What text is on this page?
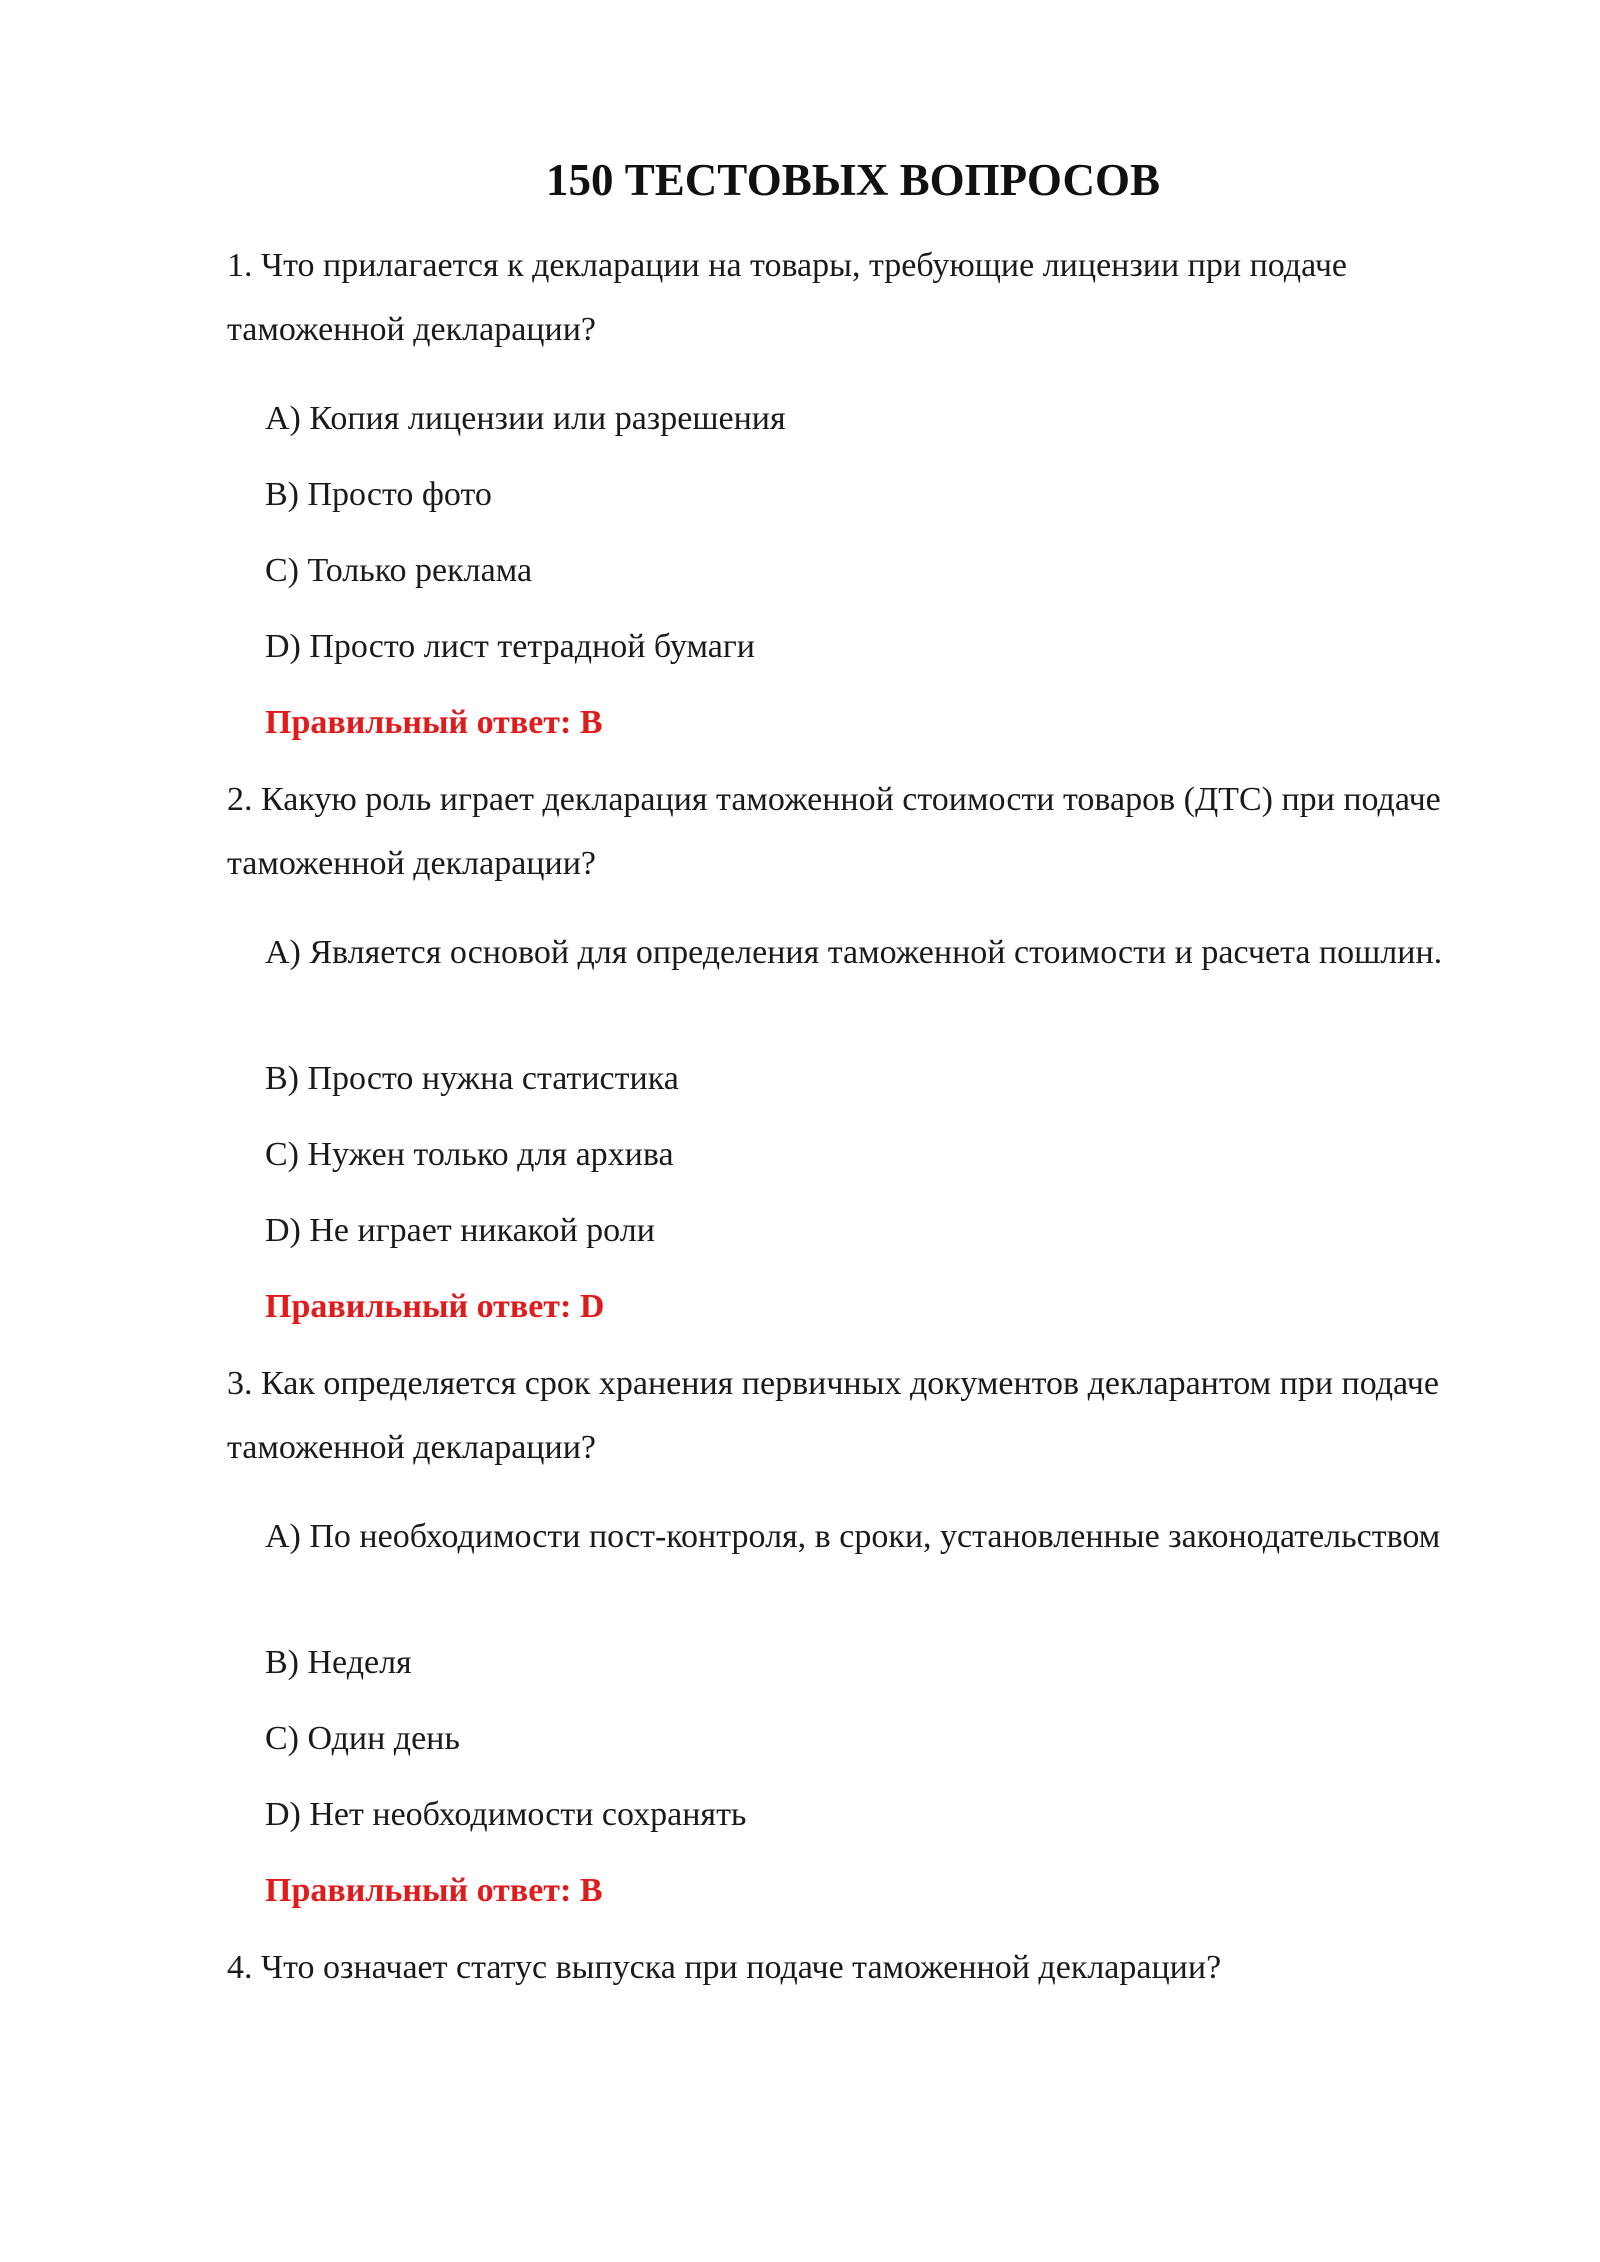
150 ТЕСТОВЫХ ВОПРОСОВ

1. Что прилагается к декларации на товары, требующие лицензии при подаче таможенной декларации?

A) Копия лицензии или разрешения

B) Просто фото

C) Только реклама

D) Просто лист тетрадной бумаги

Правильный ответ: B

2. Какую роль играет декларация таможенной стоимости товаров (ДТС) при подаче таможенной декларации?

A) Является основой для определения таможенной стоимости и расчета пошлин.

B) Просто нужна статистика

C) Нужен только для архива

D) Не играет никакой роли

Правильный ответ: D

3. Как определяется срок хранения первичных документов декларантом при подаче таможенной декларации?

A) По необходимости пост-контроля, в сроки, установленные законодательством

B) Неделя

C) Один день

D) Нет необходимости сохранять

Правильный ответ: B

4. Что означает статус выпуска при подаче таможенной декларации?
